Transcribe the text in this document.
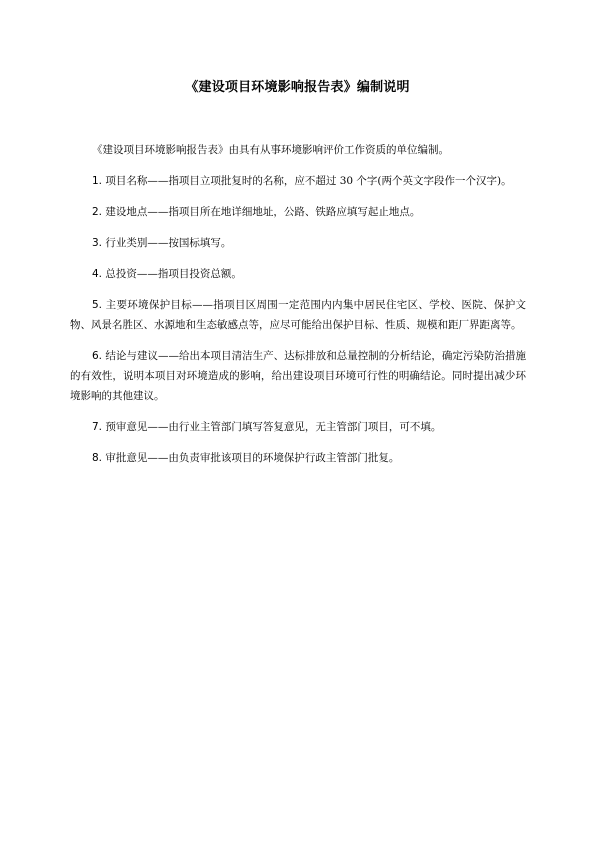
《建设项目环境影响报告表》编制说明

《建设项目环境影响报告表》由具有从事环境影响评价工作资质的单位编制。

1. 项目名称——指项目立项批复时的名称，应不超过 30 个字(两个英文字段作一个汉字)。

2. 建设地点——指项目所在地详细地址，公路、铁路应填写起止地点。

3. 行业类别——按国标填写。

4. 总投资——指项目投资总额。

5. 主要环境保护目标——指项目区周围一定范围内内集中居民住宅区、学校、医院、保护文物、风景名胜区、水源地和生态敏感点等，应尽可能给出保护目标、性质、规模和距厂界距离等。

6. 结论与建议——给出本项目清洁生产、达标排放和总量控制的分析结论，确定污染防治措施的有效性，说明本项目对环境造成的影响，给出建设项目环境可行性的明确结论。同时提出减少环境影响的其他建议。

7. 预审意见——由行业主管部门填写答复意见，无主管部门项目，可不填。

8. 审批意见——由负责审批该项目的环境保护行政主管部门批复。
